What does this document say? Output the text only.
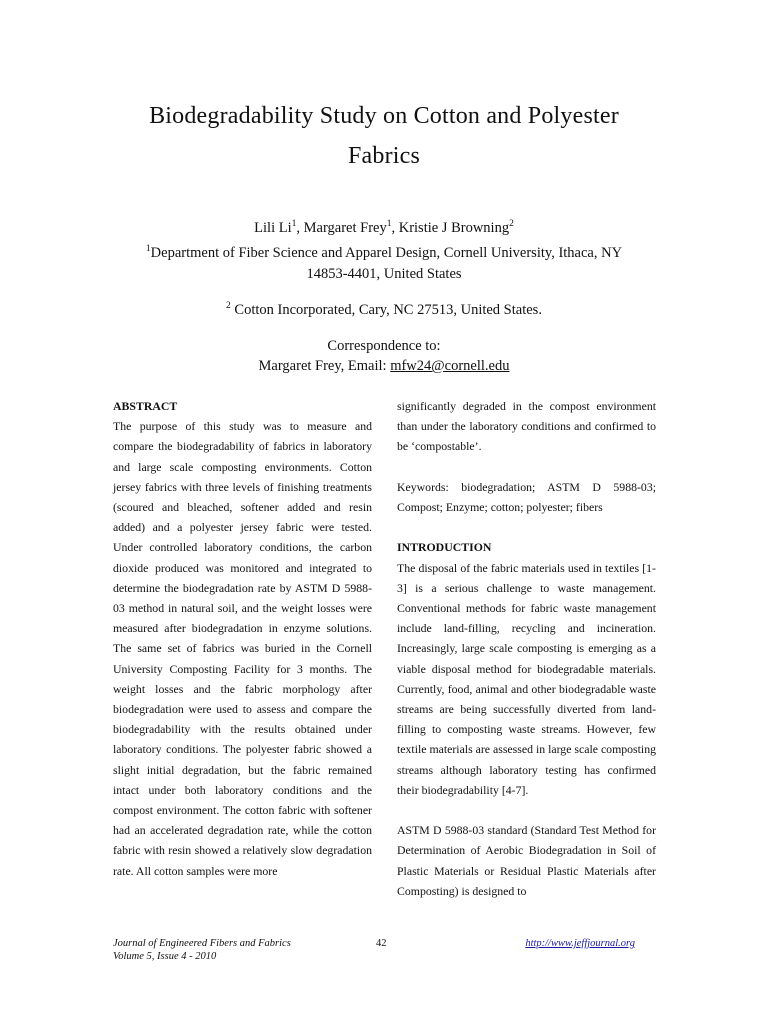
Biodegradability Study on Cotton and Polyester
Fabrics
Lili Li$^1$, Margaret Frey$^1$, Kristie J Browning$^2$
$^1$Department of Fiber Science and Apparel Design, Cornell University, Ithaca, NY
14853-4401, United States
$^2$ Cotton Incorporated, Cary, NC 27513, United States.
Correspondence to:
Margaret Frey, Email: mfw24@cornell.edu
ABSTRACT

The purpose of this study was to measure and compare the biodegradability of fabrics in laboratory and large scale composting environments. Cotton jersey fabrics with three levels of finishing treatments (scoured and bleached, softener added and resin added) and a polyester jersey fabric were tested. Under controlled laboratory conditions, the carbon dioxide produced was monitored and integrated to determine the biodegradation rate by ASTM D 5988-03 method in natural soil, and the weight losses were measured after biodegradation in enzyme solutions. The same set of fabrics was buried in the Cornell University Composting Facility for 3 months. The weight losses and the fabric morphology after biodegradation were used to assess and compare the biodegradability with the results obtained under laboratory conditions. The polyester fabric showed a slight initial degradation, but the fabric remained intact under both laboratory conditions and the compost environment. The cotton fabric with softener had an accelerated degradation rate, while the cotton fabric with resin showed a relatively slow degradation rate. All cotton samples were more

significantly degraded in the compost environment than under the laboratory conditions and confirmed to be ‘compostable’.

Keywords: biodegradation; ASTM D 5988-03; Compost; Enzyme; cotton; polyester; fibers

INTRODUCTION

The disposal of the fabric materials used in textiles [1-3] is a serious challenge to waste management. Conventional methods for fabric waste management include land-filling, recycling and incineration. Increasingly, large scale composting is emerging as a viable disposal method for biodegradable materials. Currently, food, animal and other biodegradable waste streams are being successfully diverted from land-filling to composting waste streams. However, few textile materials are assessed in large scale composting streams although laboratory testing has confirmed their biodegradability [4-7].

ASTM D 5988-03 standard (Standard Test Method for Determination of Aerobic Biodegradation in Soil of Plastic Materials or Residual Plastic Materials after Composting) is designed to

Journal of Engineered Fibers and Fabrics
Volume 5, Issue 4 - 2010
42	http://www.jeffjournal.org
